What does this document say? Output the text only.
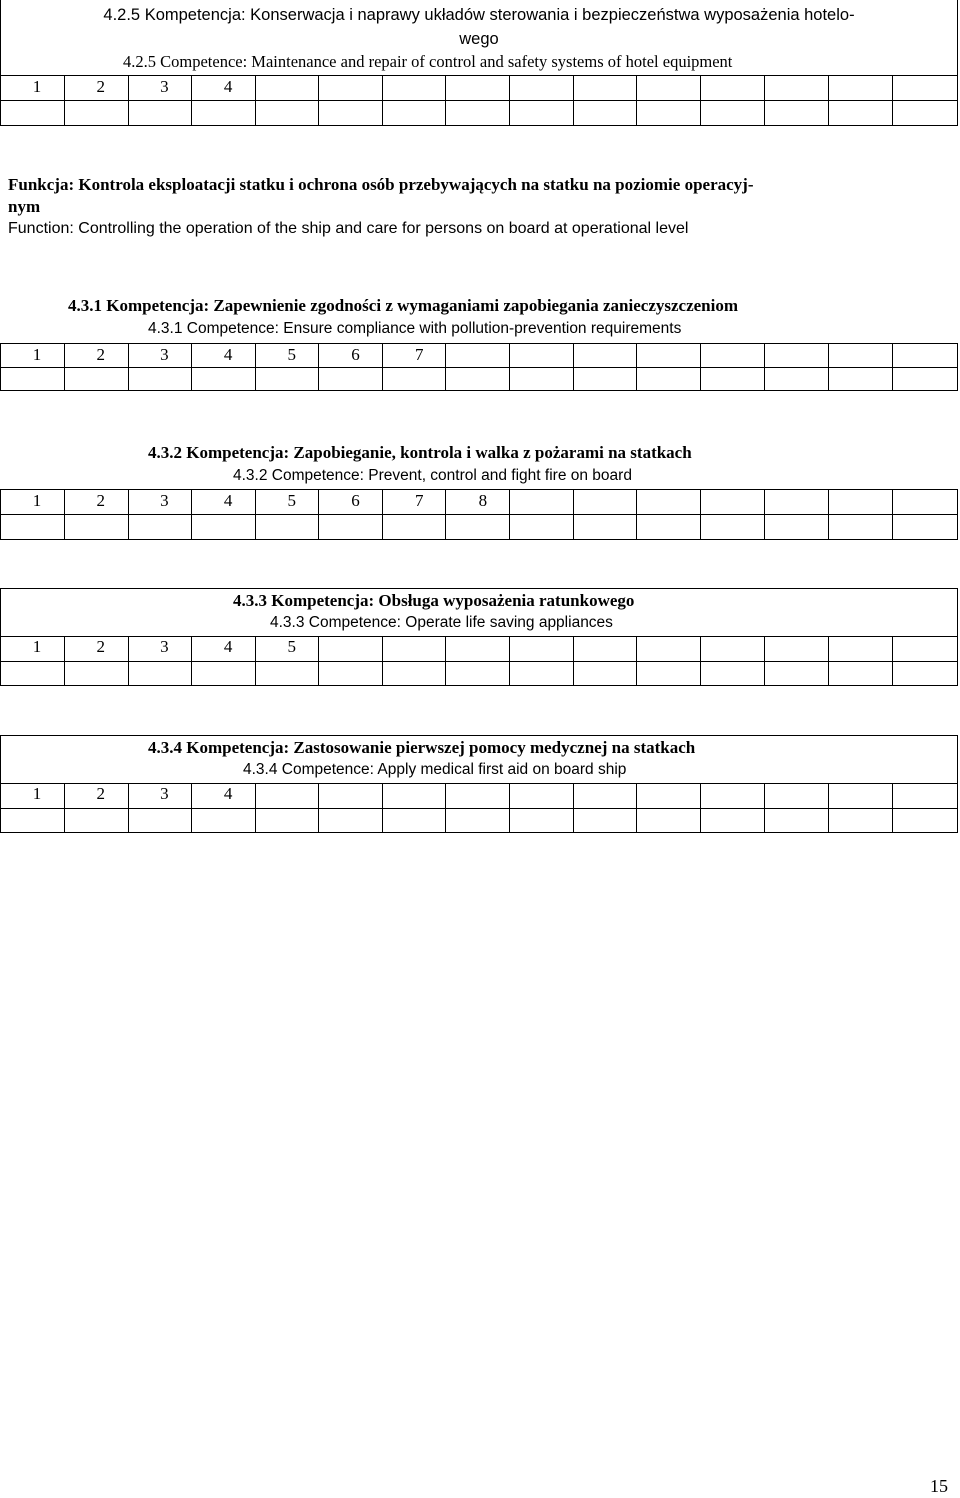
4.2.5 Kompetencja: Konserwacja i naprawy układów sterowania i bezpieczeństwa wyposażenia hotelo-
wego
4.2.5 Competence: Maintenance and repair of control and safety systems of hotel equipment
Funkcja: Kontrola eksploatacji statku i ochrona osób przebywających na statku na poziomie operacyj-
nym
Function: Controlling the operation of the ship and care for persons on board at operational level
4.3.1 Kompetencja: Zapewnienie zgodności z wymaganiami zapobiegania zanieczyszczeniom
4.3.1 Competence: Ensure compliance with pollution-prevention requirements
4.3.2 Kompetencja: Zapobieganie, kontrola i walka z pożarami na statkach
4.3.2 Competence: Prevent, control and fight fire on board
4.3.3 Kompetencja: Obsługa wyposażenia ratunkowego
4.3.3 Competence: Operate life saving appliances
4.3.4 Kompetencja: Zastosowanie pierwszej pomocy medycznej na statkach
4.3.4 Competence: Apply medical first aid on board ship
1	2	3	4
1	2	3	4	5	6	7
1	2	3	4	5	6	7	8
1	2	3	4	5
1	2	3	4
15
